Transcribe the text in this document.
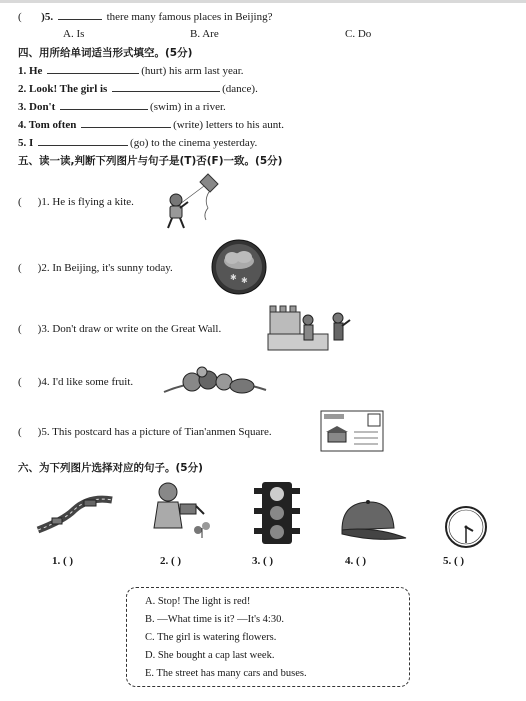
( )5.	there many famous places in Beijing?
A. Is	B. Are	C. Do
四、用所给单词适当形式填空。(5分)
1. He	(hurt) his arm last year.
2. Look! The girl is	(dance).
3. Don't	(swim) in a river.
4. Tom often	(write) letters to his aunt.
5. I	(go) to the cinema yesterday.
五、读一读,判断下列图片与句子是(T)否(F)一致。(5分)
( )1. He is flying a kite.
( )2. In Beijing, it's sunny today.
( )3. Don't draw or write on the Great Wall.
( )4. I'd like some fruit.
( )5. This postcard has a picture of Tian'anmen Square.
✱ ✱
六、为下列图片选择对应的句子。(5分)
1. ( )	2. ( )	3. ( )	4. ( )	5. ( )
A. Stop! The light is red!
B. —What time is it? —It's 4:30.
C. The girl is watering flowers.
D. She bought a cap last week.
E. The street has many cars and buses.
